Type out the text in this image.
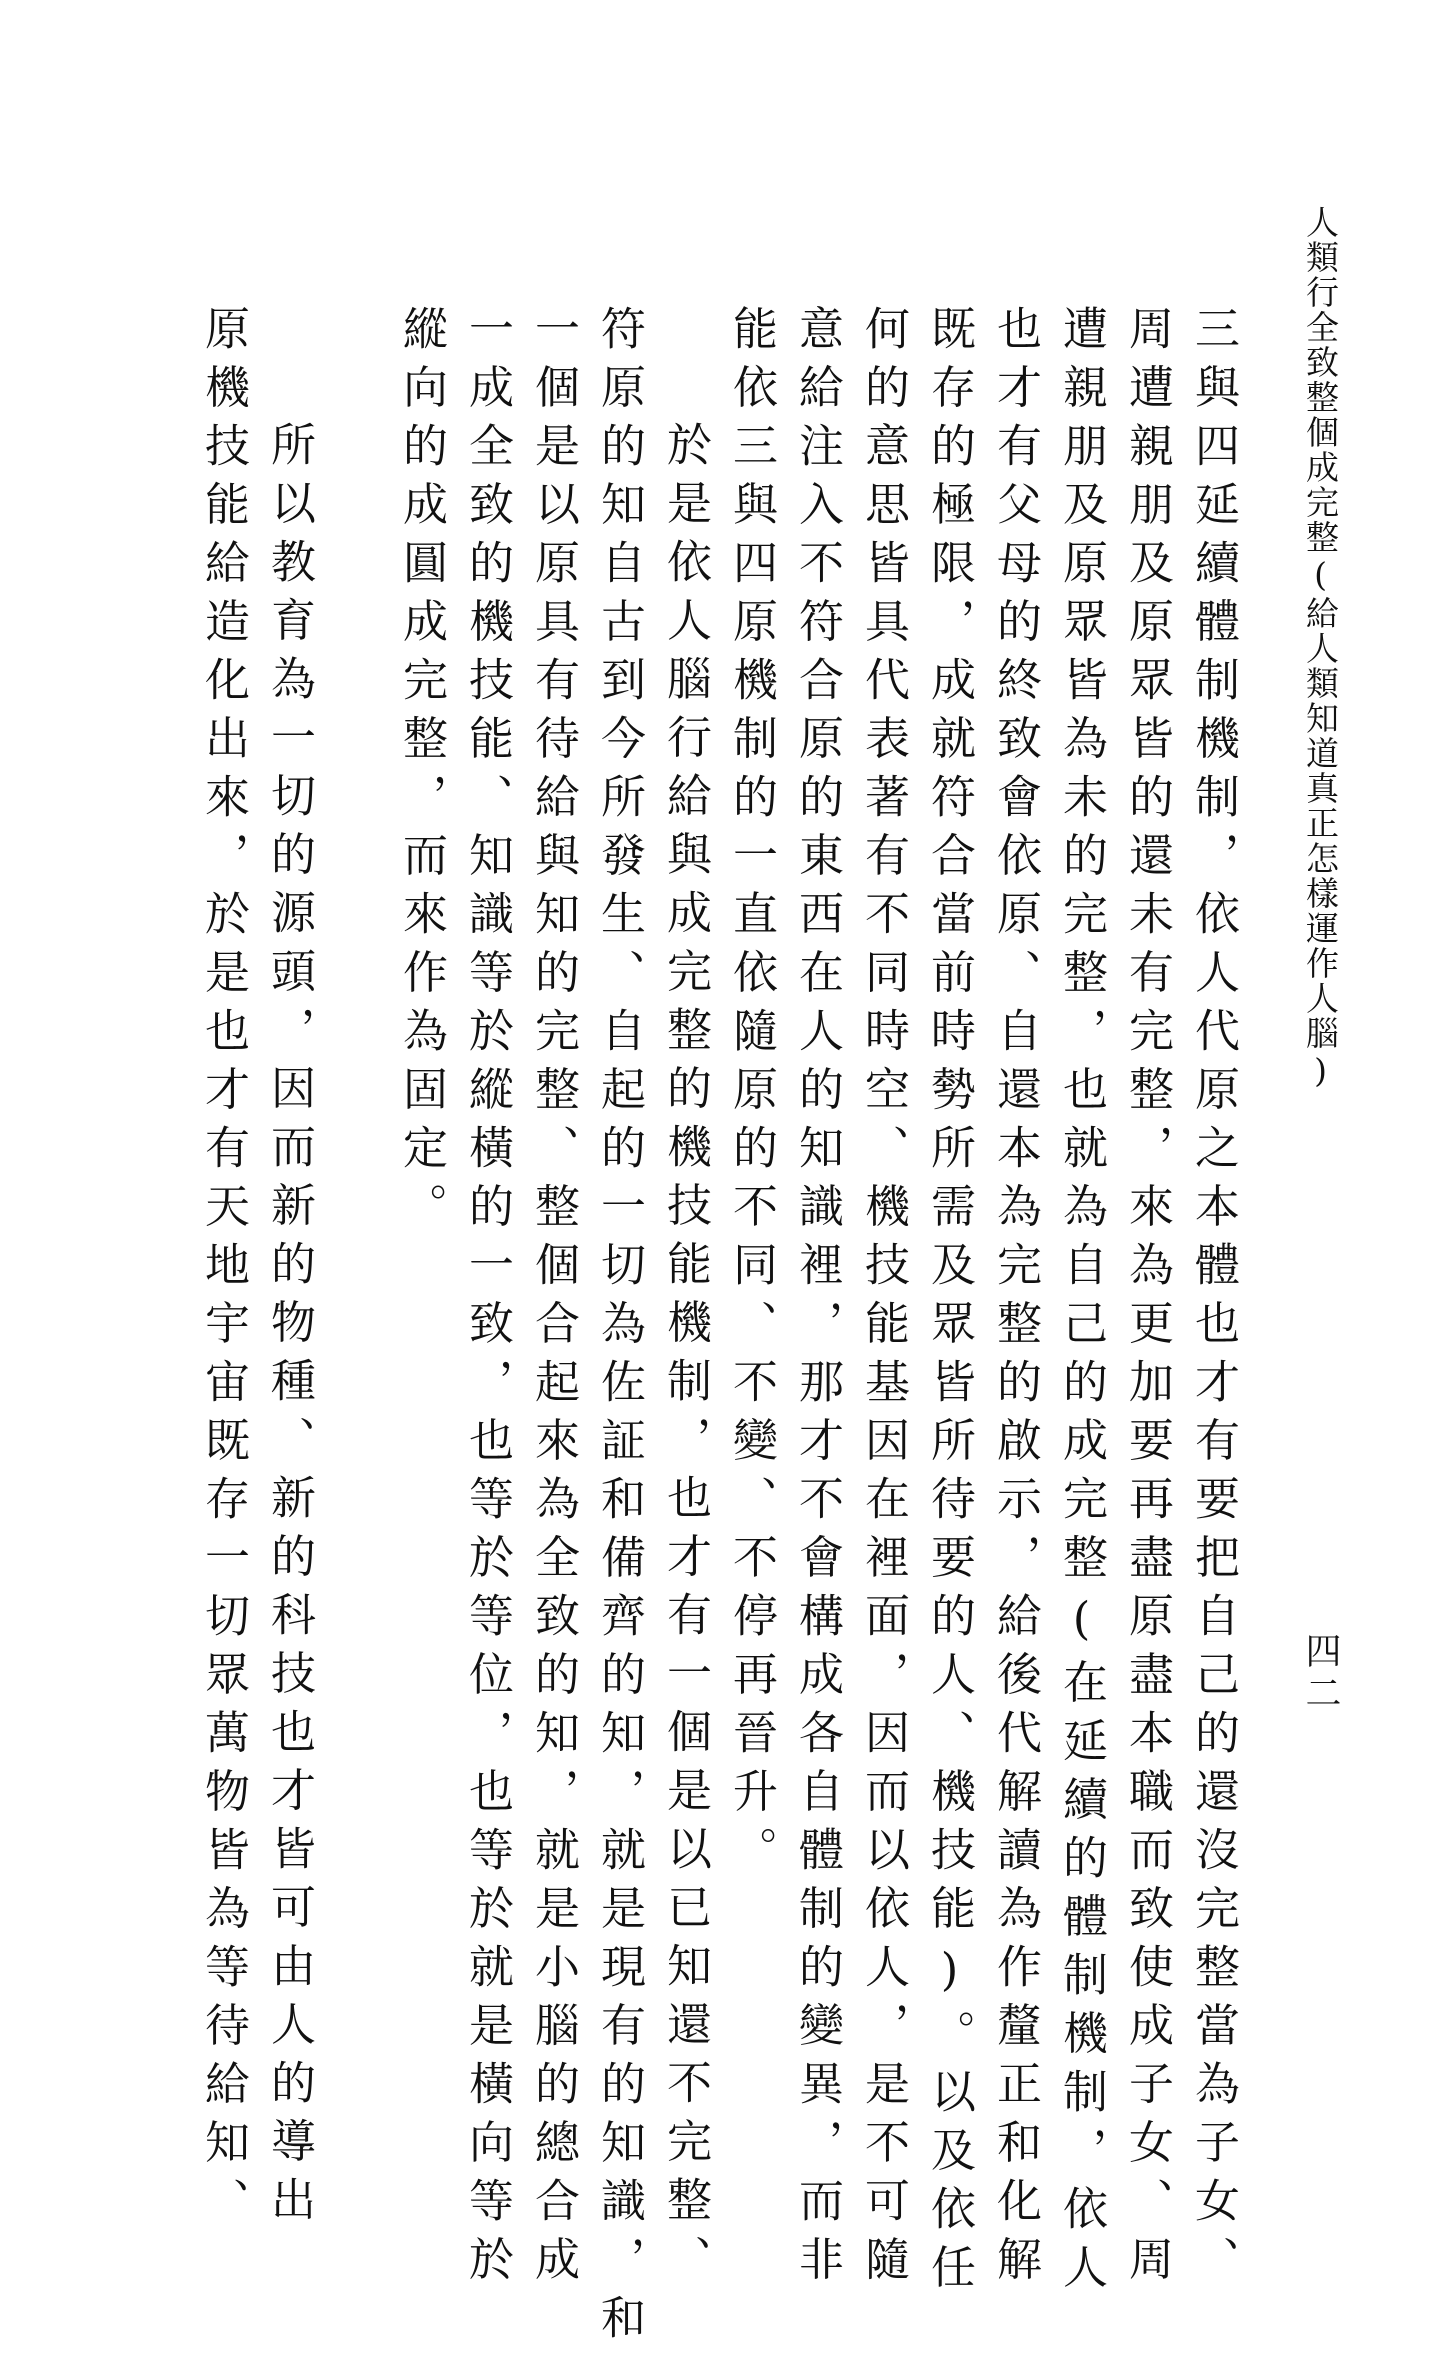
人類行全致整個成完整(給人類知道真正怎樣運作人腦)
四二
三與四延續體制機制，依人代原之本體也才有要把自己的還沒完整當為子女、
周遭親朋及原眾皆的還未有完整，來為更加要再盡原盡本職而致使成子女、周
遭親朋及原眾皆為未的完整，也就為自己的成完整(在延續的體制機制，依人
也才有父母的終致會依原、自還本為完整的啟示，給後代解讀為作釐正和化解
既存的極限，成就符合當前時勢所需及眾皆所待要的人、機技能)。以及依任
何的意思皆具代表著有不同時空、機技能基因在裡面，因而以依人，是不可隨
意給注入不符合原的東西在人的知識裡，那才不會構成各自體制的變異，而非
能依三與四原機制的一直依隨原的不同、不變、不停再晉升。
於是依人腦行給與成完整的機技能機制，也才有一個是以已知還不完整、
符原的知自古到今所發生、自起的一切為佐証和備齊的知，就是現有的知識，和
一個是以原具有待給與知的完整、整個合起來為全致的知，就是小腦的總合成
一成全致的機技能、知識等於縱橫的一致，也等於等位，也等於就是橫向等於
縱向的成圓成完整，而來作為固定。
所以教育為一切的源頭，因而新的物種、新的科技也才皆可由人的導出
原機技能給造化出來，於是也才有天地宇宙既存一切眾萬物皆為等待給知、
